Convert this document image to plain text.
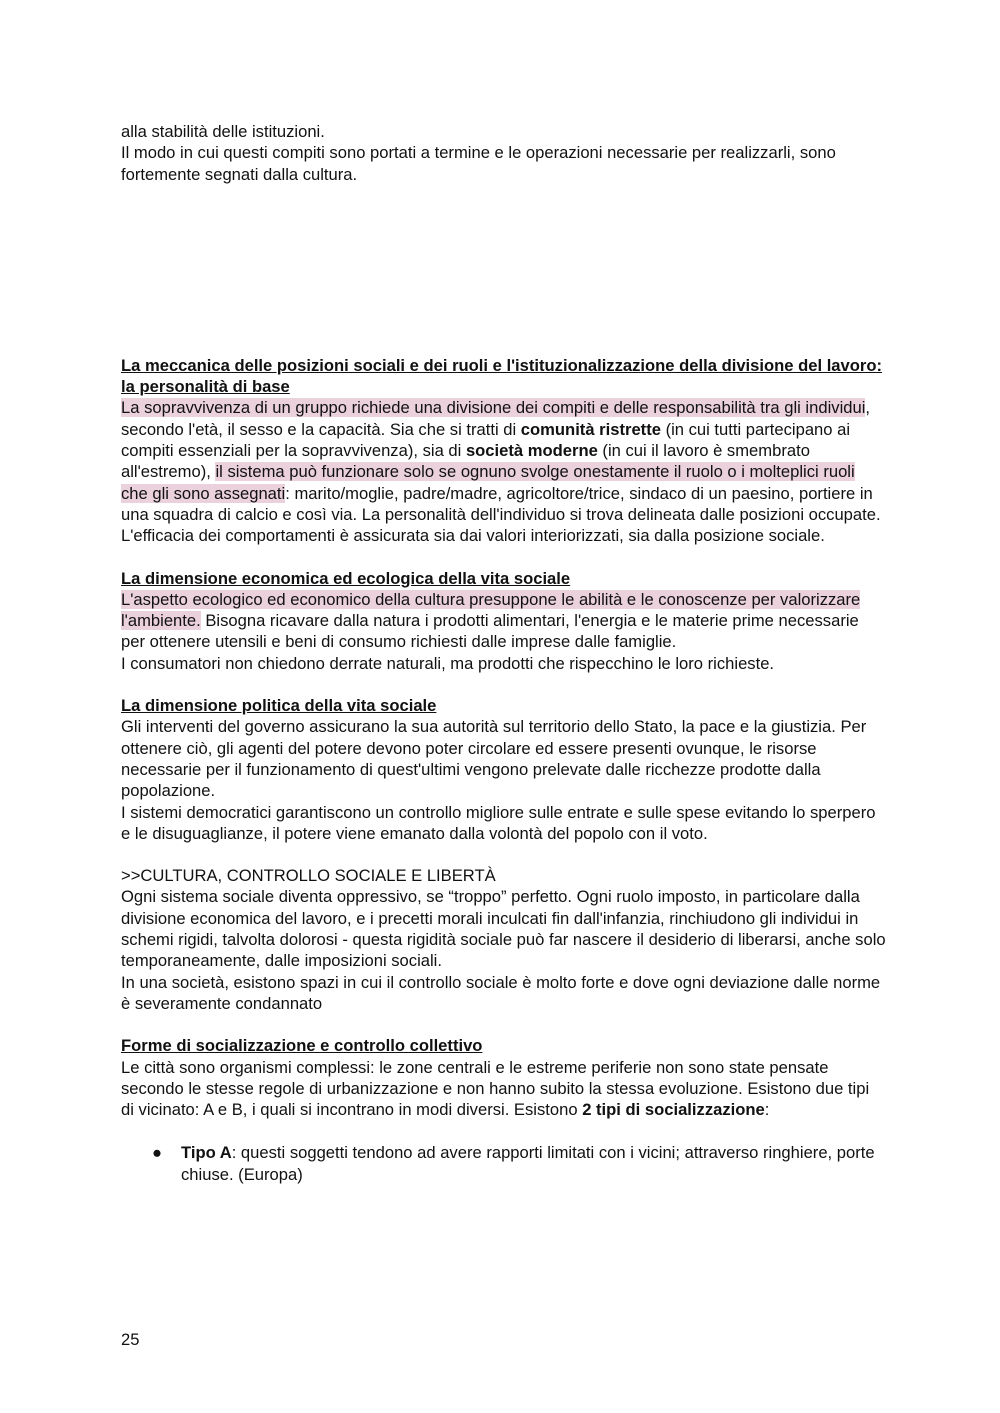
alla stabilità delle istituzioni.

Il modo in cui questi compiti sono portati a termine e le operazioni necessarie per realizzarli, sono fortemente segnati dalla cultura.

La meccanica delle posizioni sociali e dei ruoli e l'istituzionalizzazione della divisione del lavoro: la personalità di base

La sopravvivenza di un gruppo richiede una divisione dei compiti e delle responsabilità tra gli individui, secondo l'età, il sesso e la capacità. Sia che si tratti di comunità ristrette (in cui tutti partecipano ai compiti essenziali per la sopravvivenza), sia di società moderne (in cui il lavoro è smembrato all'estremo), il sistema può funzionare solo se ognuno svolge onestamente il ruolo o i molteplici ruoli che gli sono assegnati: marito/moglie, padre/madre, agricoltore/trice, sindaco di un paesino, portiere in una squadra di calcio e così via. La personalità dell'individuo si trova delineata dalle posizioni occupate.

L'efficacia dei comportamenti è assicurata sia dai valori interiorizzati, sia dalla posizione sociale.

La dimensione economica ed ecologica della vita sociale

L'aspetto ecologico ed economico della cultura presuppone le abilità e le conoscenze per valorizzare l'ambiente. Bisogna ricavare dalla natura i prodotti alimentari, l'energia e le materie prime necessarie per ottenere utensili e beni di consumo richiesti dalle imprese dalle famiglie.

I consumatori non chiedono derrate naturali, ma prodotti che rispecchino le loro richieste.

La dimensione politica della vita sociale

Gli interventi del governo assicurano la sua autorità sul territorio dello Stato, la pace e la giustizia. Per ottenere ciò, gli agenti del potere devono poter circolare ed essere presenti ovunque, le risorse necessarie per il funzionamento di quest'ultimi vengono prelevate dalle ricchezze prodotte dalla popolazione.

I sistemi democratici garantiscono un controllo migliore sulle entrate e sulle spese evitando lo sperpero e le disuguaglianze, il potere viene emanato dalla volontà del popolo con il voto.

>>CULTURA, CONTROLLO SOCIALE E LIBERTÀ

Ogni sistema sociale diventa oppressivo, se “troppo” perfetto. Ogni ruolo imposto, in particolare dalla divisione economica del lavoro, e i precetti morali inculcati fin dall'infanzia, rinchiudono gli individui in schemi rigidi, talvolta dolorosi - questa rigidità sociale può far nascere il desiderio di liberarsi, anche solo temporaneamente, dalle imposizioni sociali.

In una società, esistono spazi in cui il controllo sociale è molto forte e dove ogni deviazione dalle norme è severamente condannato

Forme di socializzazione e controllo collettivo

Le città sono organismi complessi: le zone centrali e le estreme periferie non sono state pensate secondo le stesse regole di urbanizzazione e non hanno subito la stessa evoluzione. Esistono due tipi di vicinato: A e B, i quali si incontrano in modi diversi. Esistono 2 tipi di socializzazione:

● Tipo A: questi soggetti tendono ad avere rapporti limitati con i vicini; attraverso ringhiere, porte chiuse. (Europa)
25
